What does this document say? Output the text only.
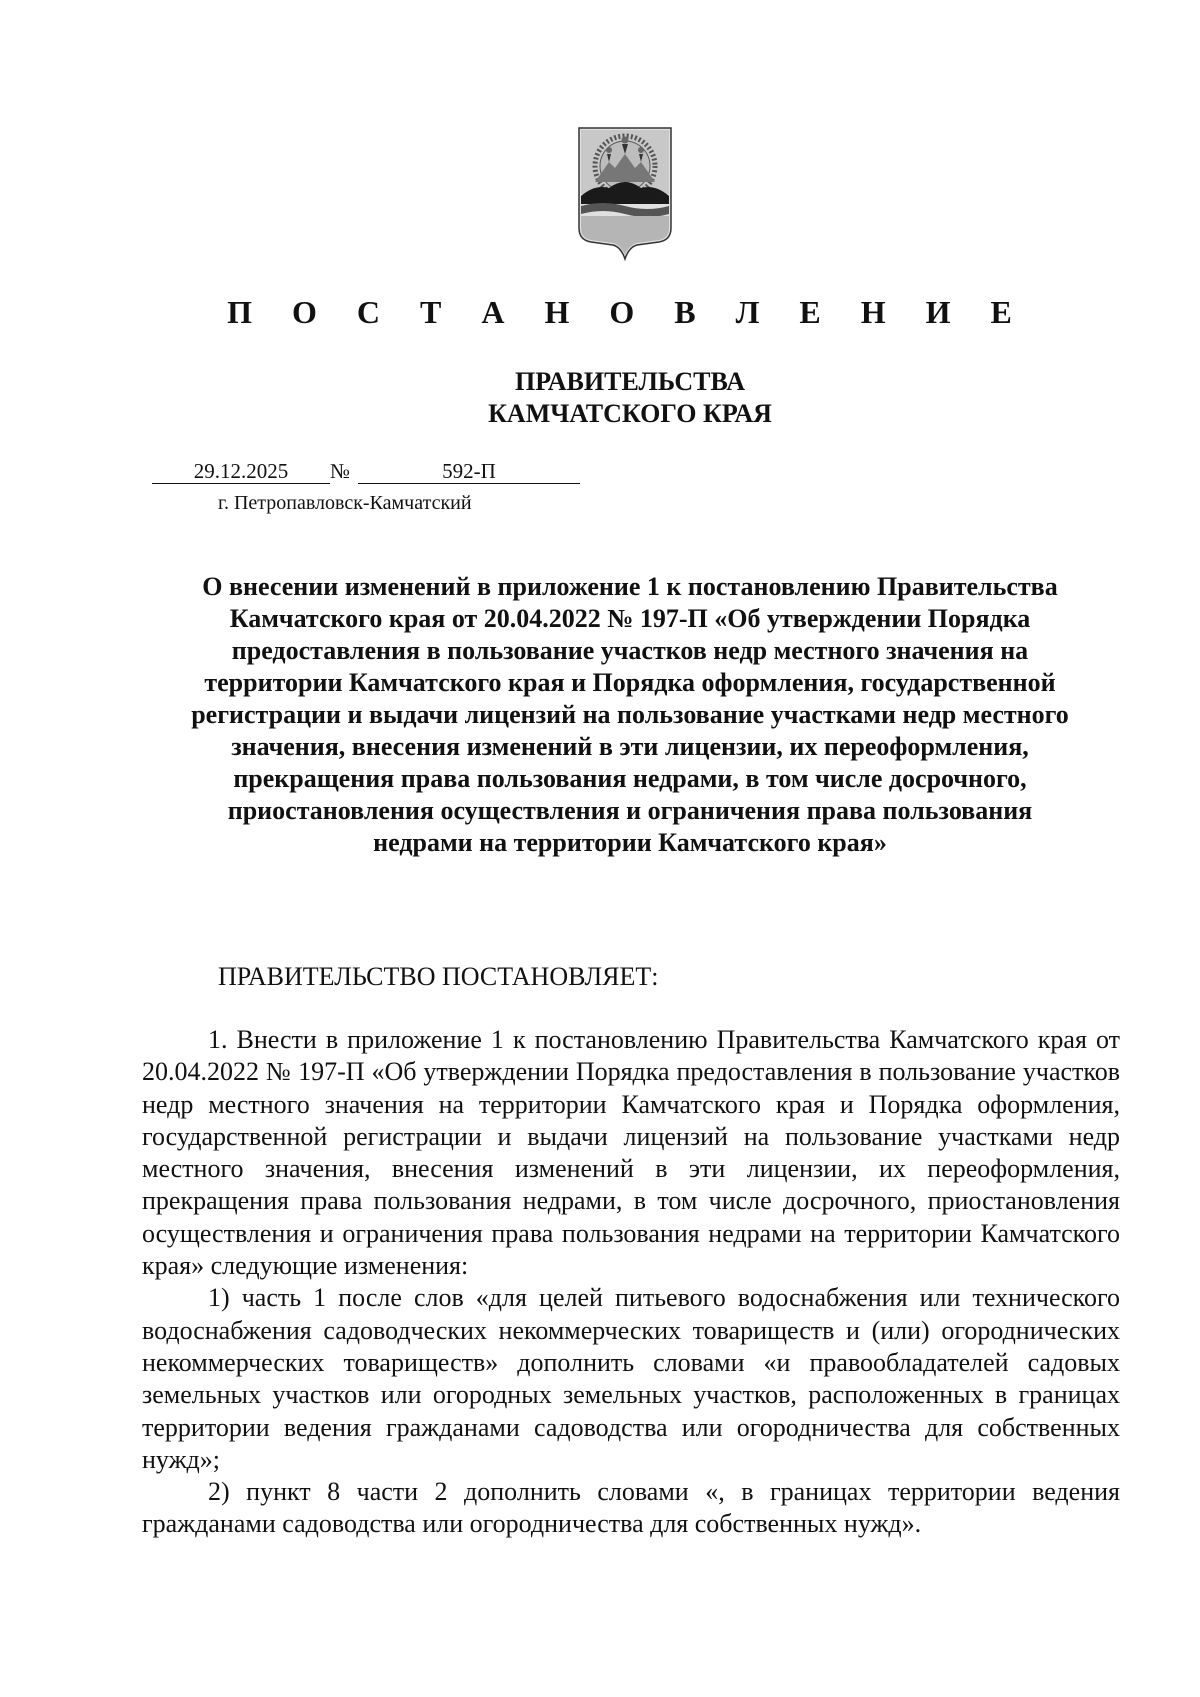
П О С Т А Н О В Л Е Н И Е
ПРАВИТЕЛЬСТВА
КАМЧАТСКОГО КРАЯ
29.12.2025 №	592-П
г. Петропавловск-Камчатский
О внесении изменений в приложение 1 к постановлению Правительства
Камчатского края от 20.04.2022 № 197-П «Об утверждении Порядка
предоставления в пользование участков недр местного значения на
территории Камчатского края и Порядка оформления, государственной
регистрации и выдачи лицензий на пользование участками недр местного
значения, внесения изменений в эти лицензии, их переоформления,
прекращения права пользования недрами, в том числе досрочного,
приостановления осуществления и ограничения права пользования
недрами на территории Камчатского края»
ПРАВИТЕЛЬСТВО ПОСТАНОВЛЯЕТ:

1. Внести в приложение 1 к постановлению Правительства Камчатского края от 20.04.2022 № 197-П «Об утверждении Порядка предоставления в пользование участков недр местного значения на территории Камчатского края и Порядка оформления, государственной регистрации и выдачи лицензий на пользование участками недр местного значения, внесения изменений в эти лицензии, их переоформления, прекращения права пользования недрами, в том числе досрочного, приостановления осуществления и ограничения права пользования недрами на территории Камчатского края» следующие изменения:

1) часть 1 после слов «для целей питьевого водоснабжения или технического водоснабжения садоводческих некоммерческих товариществ и (или) огороднических некоммерческих товариществ» дополнить словами «и правообладателей садовых земельных участков или огородных земельных участков, расположенных в границах территории ведения гражданами садоводства или огородничества для собственных нужд»;

2) пункт 8 части 2 дополнить словами «, в границах территории ведения гражданами садоводства или огородничества для собственных нужд».
